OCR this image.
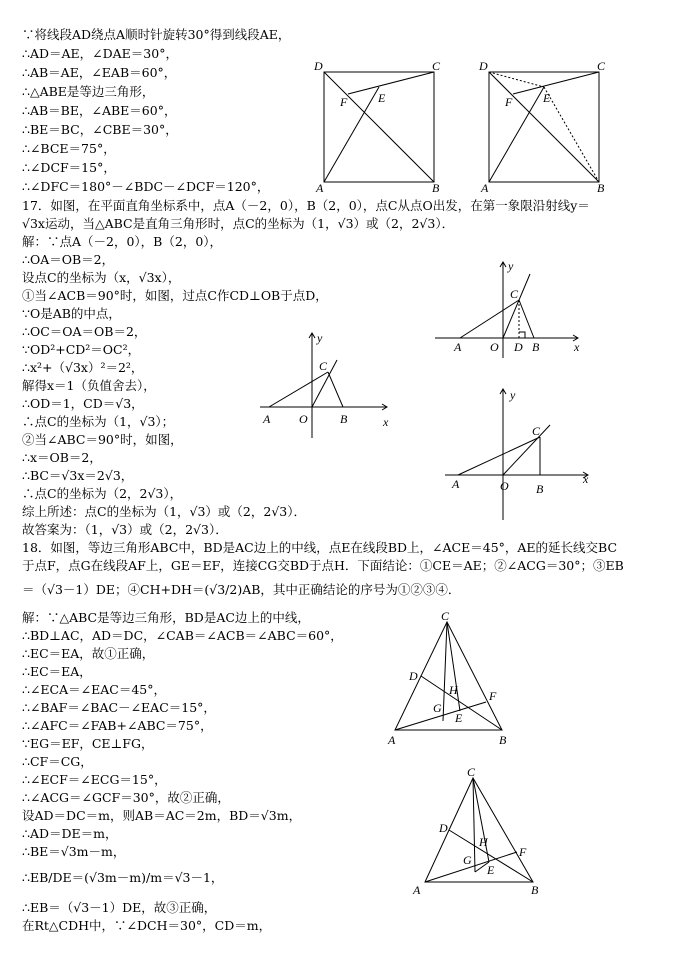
∵将线段AD绕点A顺时针旋转30°得到线段AE，
∴AD＝AE，∠DAE＝30°，
∴AB＝AE，∠EAB＝60°，
∴△ABE是等边三角形，
∴AB＝BE，∠ABE＝60°，
∴BE＝BC，∠CBE＝30°，
∴∠BCE＝75°，
∴∠DCF＝15°，
∴∠DFC＝180°－∠BDC－∠DCF＝120°，
D	C
F	E
A	B
D	C
F	E
A	B
17．如图，在平面直角坐标系中，点A（－2，0），B（2，0），点C从点O出发，在第一象限沿射线y＝
√3x运动，当△ABC是直角三角形时，点C的坐标为（1，√3）或（2，2√3）．
解：∵点A（－2，0），B（2，0），
∴OA＝OB＝2，
设点C的坐标为（x，√3x），
①当∠ACB＝90°时，如图，过点C作CD⊥OB于点D，
∵O是AB的中点，
∴OC＝OA＝OB＝2，
∵OD²+CD²＝OC²，
∴x²+（√3x）²＝2²，
解得x＝1（负值舍去），
∴OD＝1，CD＝√3，
∴点C的坐标为（1，√3）；
②当∠ABC＝90°时，如图，
∴x＝OB＝2，
∴BC＝√3x＝2√3，
∴点C的坐标为（2，2√3），
综上所述：点C的坐标为（1，√3）或（2，2√3）．
故答案为：（1，√3）或（2，2√3）．
A O D B
C
x
y
A O	B
C
x
y
A	O B
C
x
y
18．如图，等边三角形ABC中，BD是AC边上的中线，点E在线段BD上，∠ACE＝45°，AE的延长线交BC
于点F，点G在线段AF上，GE＝EF，连接CG交BD于点H．下面结论：①CE＝AE；②∠ACG＝30°；③EB
＝（√3－1）DE；④CH+DH＝(√3/2)AB，其中正确结论的序号为①②③④．
解：∵△ABC是等边三角形，BD是AC边上的中线，
∴BD⊥AC，AD＝DC，∠CAB＝∠ACB＝∠ABC＝60°，
∴EC＝EA，故①正确，
∴EC＝EA，
∴∠ECA＝∠EAC＝45°，
∴∠BAF＝∠BAC－∠EAC＝15°，
∴∠AFC＝∠FAB+∠ABC＝75°，
∵EG＝EF，CE⊥FG，
∴CF＝CG，
∴∠ECF＝∠ECG＝15°，
∴∠ACG＝∠GCF＝30°，故②正确，
设AD＝DC＝m，则AB＝AC＝2m，BD＝√3m，
∴AD＝DE＝m，
∴BE＝√3m－m，
∴EB/DE＝(√3m－m)/m＝√3－1，
∴EB＝（√3－1）DE，故③正确，
在Rt△CDH中，∵∠DCH＝30°，CD＝m，
C
D
H	F
G
E
A	B
C
D
H
F
G
E
A	B
